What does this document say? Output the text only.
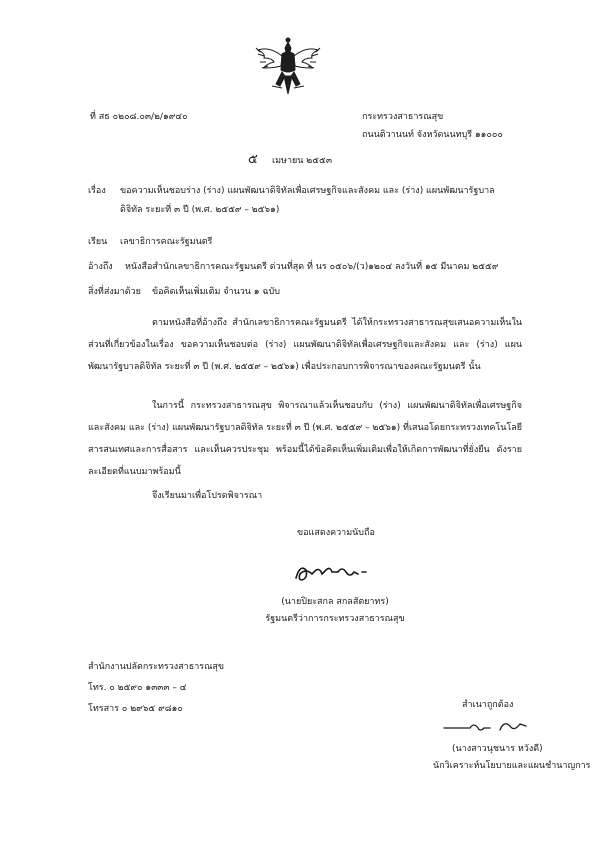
ที่ สธ ๐๒๐๘.๐๓/๒/๑๙๔๐	กระทรวงสาธารณสุข
ถนนติวานนท์ จังหวัดนนทบุรี ๑๑๐๐๐
๕ เมษายน ๒๕๕๓
เรื่อง ขอความเห็นชอบร่าง (ร่าง) แผนพัฒนาดิจิทัลเพื่อเศรษฐกิจและสังคม และ (ร่าง) แผนพัฒนารัฐบาล
ดิจิทัล ระยะที่ ๓ ปี (พ.ศ. ๒๕๕๙ – ๒๕๖๑)
เรียน เลขาธิการคณะรัฐมนตรี
อ้างถึง หนังสือสำนักเลขาธิการคณะรัฐมนตรี ด่วนที่สุด ที่ นร ๐๕๐๖/(ว)๑๒๐๔ ลงวันที่ ๑๕ มีนาคม ๒๕๕๙
สิ่งที่ส่งมาด้วย ข้อคิดเห็นเพิ่มเติม จำนวน ๑ ฉบับ
ตามหนังสือที่อ้างถึง สำนักเลขาธิการคณะรัฐมนตรี ได้ให้กระทรวงสาธารณสุขเสนอความเห็นในส่วนที่เกี่ยวข้องในเรื่อง ขอความเห็นชอบต่อ (ร่าง) แผนพัฒนาดิจิทัลเพื่อเศรษฐกิจและสังคม และ (ร่าง) แผนพัฒนารัฐบาลดิจิทัล ระยะที่ ๓ ปี (พ.ศ. ๒๕๕๙ – ๒๕๖๑) เพื่อประกอบการพิจารณาของคณะรัฐมนตรี นั้น
ในการนี้ กระทรวงสาธารณสุข พิจารณาแล้วเห็นชอบกับ (ร่าง) แผนพัฒนาดิจิทัลเพื่อเศรษฐกิจและสังคม และ (ร่าง) แผนพัฒนารัฐบาลดิจิทัล ระยะที่ ๓ ปี (พ.ศ. ๒๕๕๙ – ๒๕๖๑) ที่เสนอโดยกระทรวงเทคโนโลยีสารสนเทศและการสื่อสาร และเห็นควรประชุม พร้อมนี้ได้ข้อคิดเห็นเพิ่มเติมเพื่อให้เกิดการพัฒนาที่ยั่งยืน ดังรายละเอียดที่แนบมาพร้อมนี้
จึงเรียนมาเพื่อโปรดพิจารณา
ขอแสดงความนับถือ
(นายปิยะสกล สกลสัตยาทร)
รัฐมนตรีว่าการกระทรวงสาธารณสุข
สำนักงานปลัดกระทรวงสาธารณสุข
โทร. ๐ ๒๕๙๐ ๑๓๓๓ – ๔
โทรสาร ๐ ๒๙๖๕ ๙๘๑๐	สำเนาถูกต้อง
(นางสาวนุชนาร หวังดี)
นักวิเคราะห์นโยบายและแผนชำนาญการ
